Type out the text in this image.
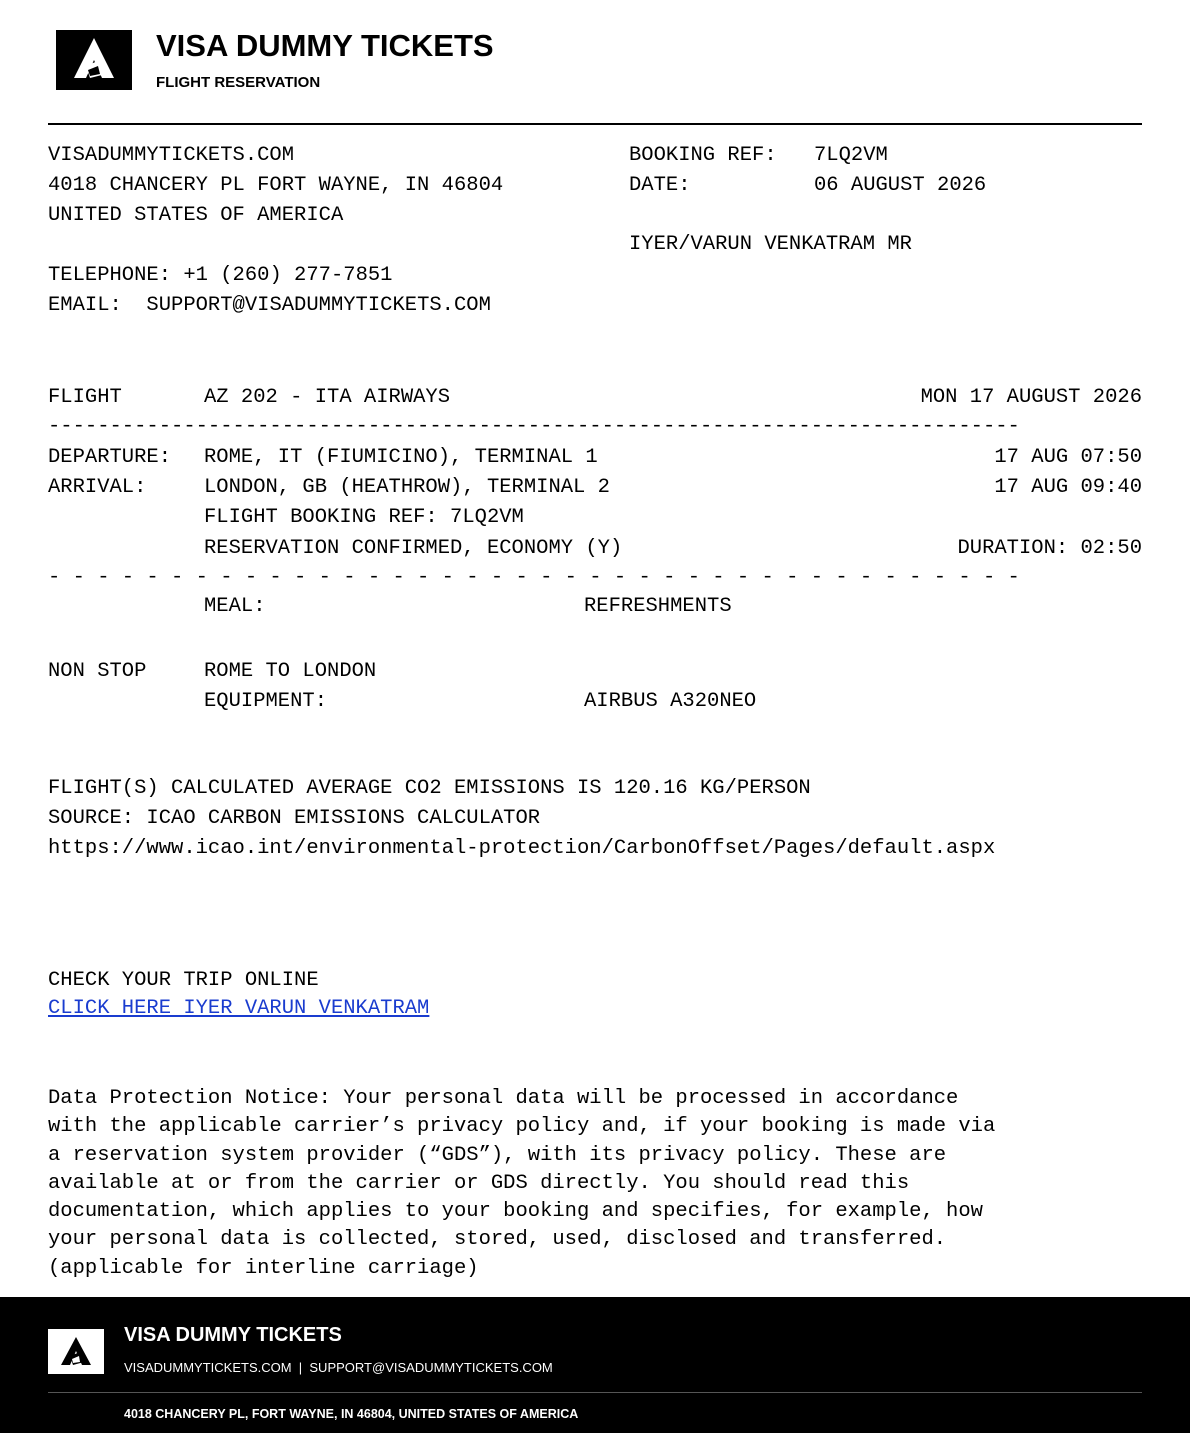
VISA DUMMY TICKETS
FLIGHT RESERVATION
VISADUMMYTICKETS.COM
4018 CHANCERY PL FORT WAYNE, IN 46804
UNITED STATES OF AMERICA
TELEPHONE: +1 (260) 277-7851
EMAIL: SUPPORT@VISADUMMYTICKETS.COM
BOOKING REF: 7LQ2VM
DATE:	06 AUGUST 2026
IYER/VARUN VENKATRAM MR
FLIGHT	AZ 202 - ITA AIRWAYS	MON 17 AUGUST 2026
-------------------------------------------------------------------------------
DEPARTURE: ROME, IT (FIUMICINO), TERMINAL 1	17 AUG 07:50
ARRIVAL:	LONDON, GB (HEATHROW), TERMINAL 2	17 AUG 09:40
FLIGHT BOOKING REF: 7LQ2VM
RESERVATION CONFIRMED, ECONOMY (Y)	DURATION: 02:50
- - - - - - - - - - - - - - - - - - - - - - - - - - - - - - - - - - - - - - - -
MEAL:	REFRESHMENTS
NON STOP	ROME TO LONDON
EQUIPMENT:	AIRBUS A320NEO
FLIGHT(S) CALCULATED AVERAGE CO2 EMISSIONS IS 120.16 KG/PERSON
SOURCE: ICAO CARBON EMISSIONS CALCULATOR
https://www.icao.int/environmental-protection/CarbonOffset/Pages/default.aspx
CHECK YOUR TRIP ONLINE
CLICK HERE IYER VARUN VENKATRAM
Data Protection Notice: Your personal data will be processed in accordance
with the applicable carrier’s privacy policy and, if your booking is made via
a reservation system provider (“GDS”), with its privacy policy. These are
available at or from the carrier or GDS directly. You should read this
documentation, which applies to your booking and specifies, for example, how
your personal data is collected, stored, used, disclosed and transferred.
(applicable for interline carriage)
VISA DUMMY TICKETS
VISADUMMYTICKETS.COM  |  SUPPORT@VISADUMMYTICKETS.COM
4018 CHANCERY PL, FORT WAYNE, IN 46804, UNITED STATES OF AMERICA
